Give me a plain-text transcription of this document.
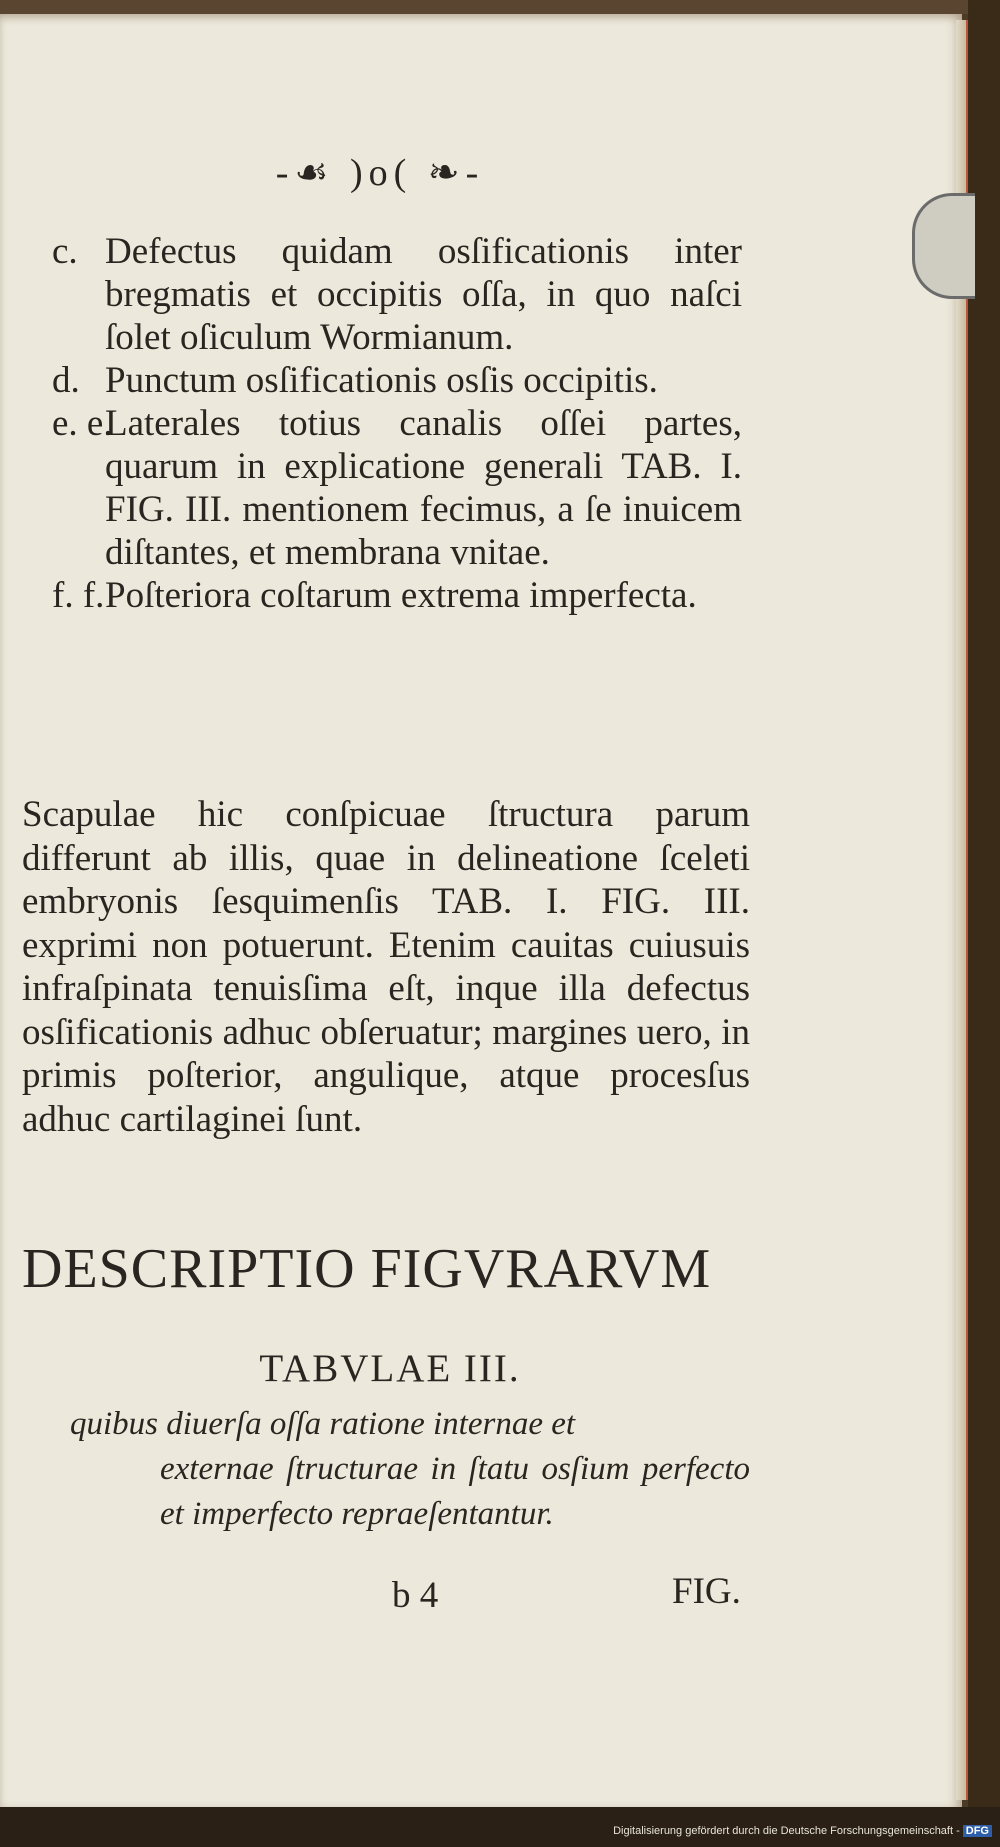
-☙ )o( ❧-
c. Defectus quidam osſificationis inter bregmatis et occipitis oſſa, in quo naſci ſolet oſiculum Wormianum.
d. Punctum osſificationis osſis occipitis.
e. e.
Laterales totius canalis oſſei partes, quarum in explicatione generali TAB. I. FIG. III. mentionem fecimus, a ſe inuicem diſtantes, et membrana vnitae.
f. f. Poſteriora coſtarum extrema imperfecta.
Scapulae hic conſpicuae ſtructura parum differunt ab illis, quae in delineatione ſceleti embryonis ſesquimenſis TAB. I. FIG. III. exprimi non potuerunt. Etenim cauitas cuiusuis infraſpinata tenuisſima eſt, inque illa defectus osſificationis adhuc obſeruatur; margines uero, in primis poſterior, angulique, atque procesſus adhuc cartilaginei ſunt.
DESCRIPTIO FIGVRARVM
TABVLAE III.
quibus diuerſa oſſa ratione internae et
externae ſtructurae in ſtatu osſium perfecto et imperfecto repraeſentantur.
b 4	FIG.
Digitalisierung gefördert durch die Deutsche Forschungsgemeinschaft - DFG
